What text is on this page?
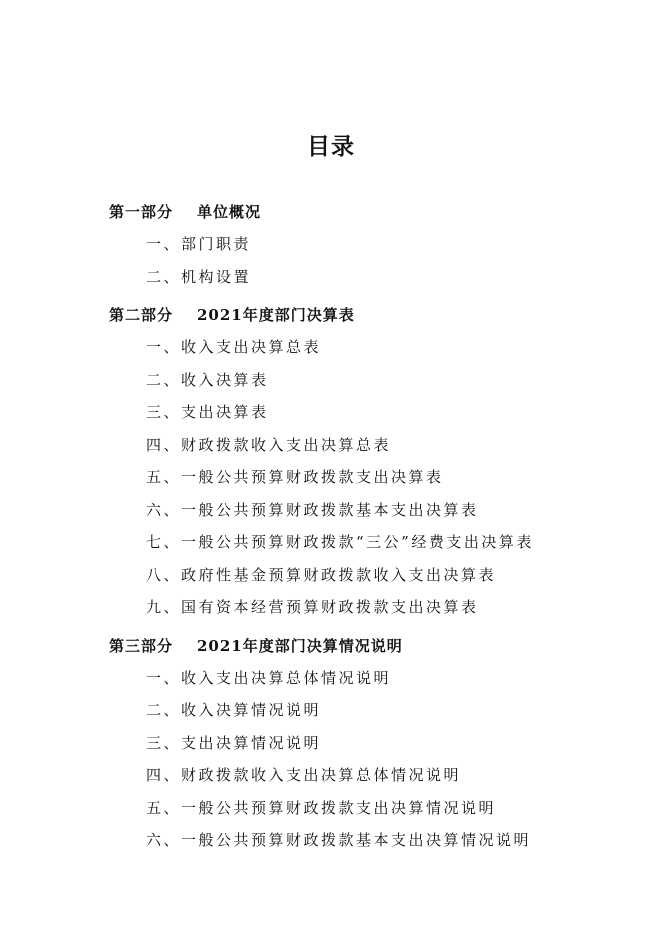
目录
第一部分 单位概况
一、部门职责
二、机构设置
第二部分 2021年度部门决算表
一、收入支出决算总表
二、收入决算表
三、支出决算表
四、财政拨款收入支出决算总表
五、一般公共预算财政拨款支出决算表
六、一般公共预算财政拨款基本支出决算表
七、一般公共预算财政拨款“三公”经费支出决算表
八、政府性基金预算财政拨款收入支出决算表
九、国有资本经营预算财政拨款支出决算表
第三部分 2021年度部门决算情况说明
一、收入支出决算总体情况说明
二、收入决算情况说明
三、支出决算情况说明
四、财政拨款收入支出决算总体情况说明
五、一般公共预算财政拨款支出决算情况说明
六、一般公共预算财政拨款基本支出决算情况说明
